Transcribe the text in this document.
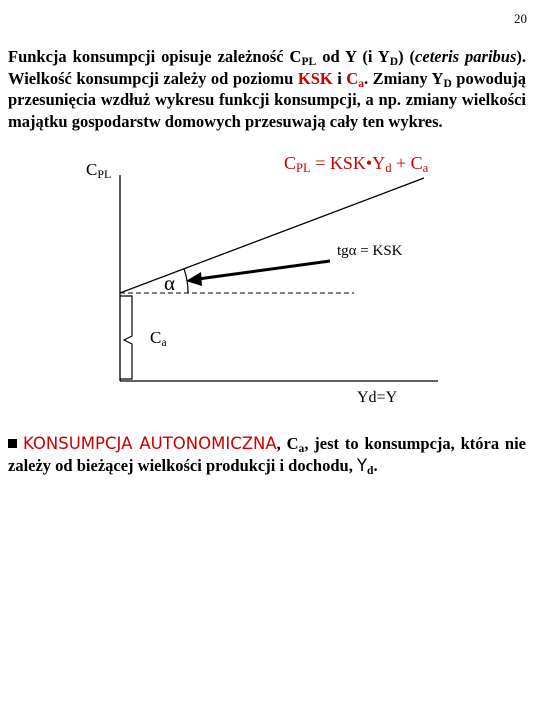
20

Funkcja konsumpcji opisuje zależność $C_{PL}$ od Y (i $Y_D$) (ceteris paribus). Wielkość konsumpcji zależy od poziomu KSK i $C_a$. Zmiany $Y_D$ powodują przesunięcia wzdłuż wykresu funkcji konsumpcji, a np. zmiany wielkości majątku gospodarstw domowych przesuwają cały ten wykres.

$C_{PL}$
$C_{PL}$ = $KSK•Y_d + C_a$
tgα = KSK
α
$C_a$
Yd=Y

KONSUMPCJA AUTONOMICZNA, $C_a$, jest to konsumpcja, która nie zależy od bieżącej wielkości produkcji i dochodu, $Y_d$.
